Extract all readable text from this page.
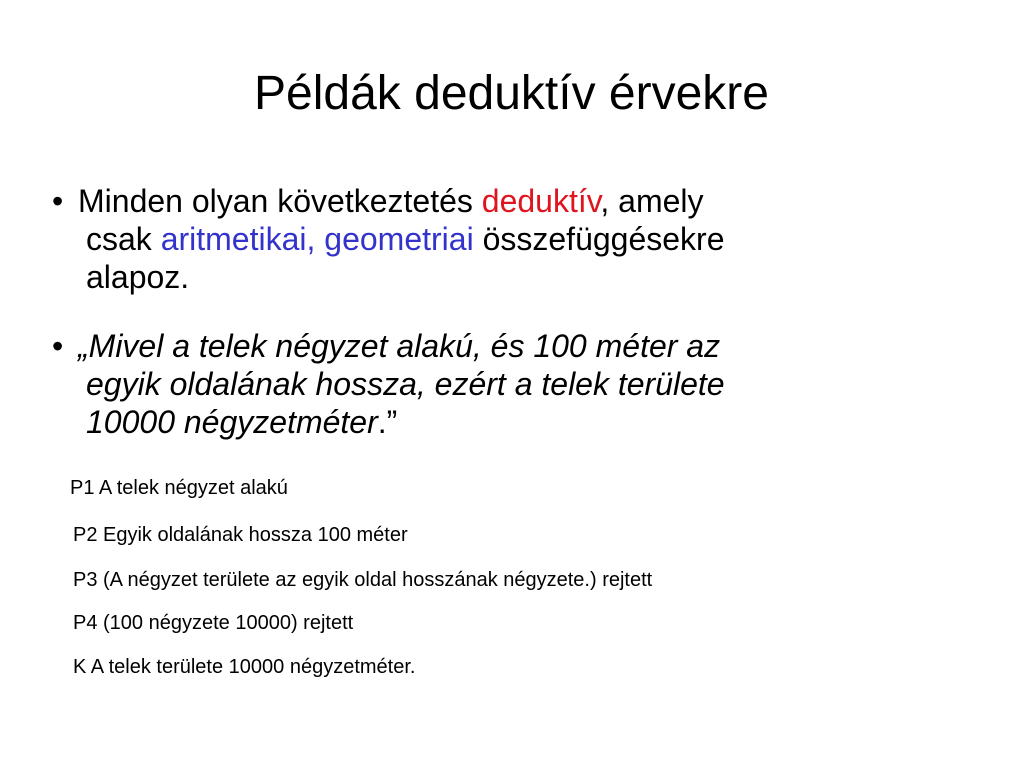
Példák deduktív érvekre
• Minden olyan következtetés deduktív, amely
csak aritmetikai, geometriai összefüggésekre
alapoz.
• „Mivel a telek négyzet alakú, és 100 méter az
egyik oldalának hossza, ezért a telek területe
10000 négyzetméter.”
P1 A telek négyzet alakú
P2 Egyik oldalának hossza 100 méter
P3 (A négyzet területe az egyik oldal hosszának négyzete.) rejtett
P4 (100 négyzete 10000) rejtett
K A telek területe 10000 négyzetméter.
